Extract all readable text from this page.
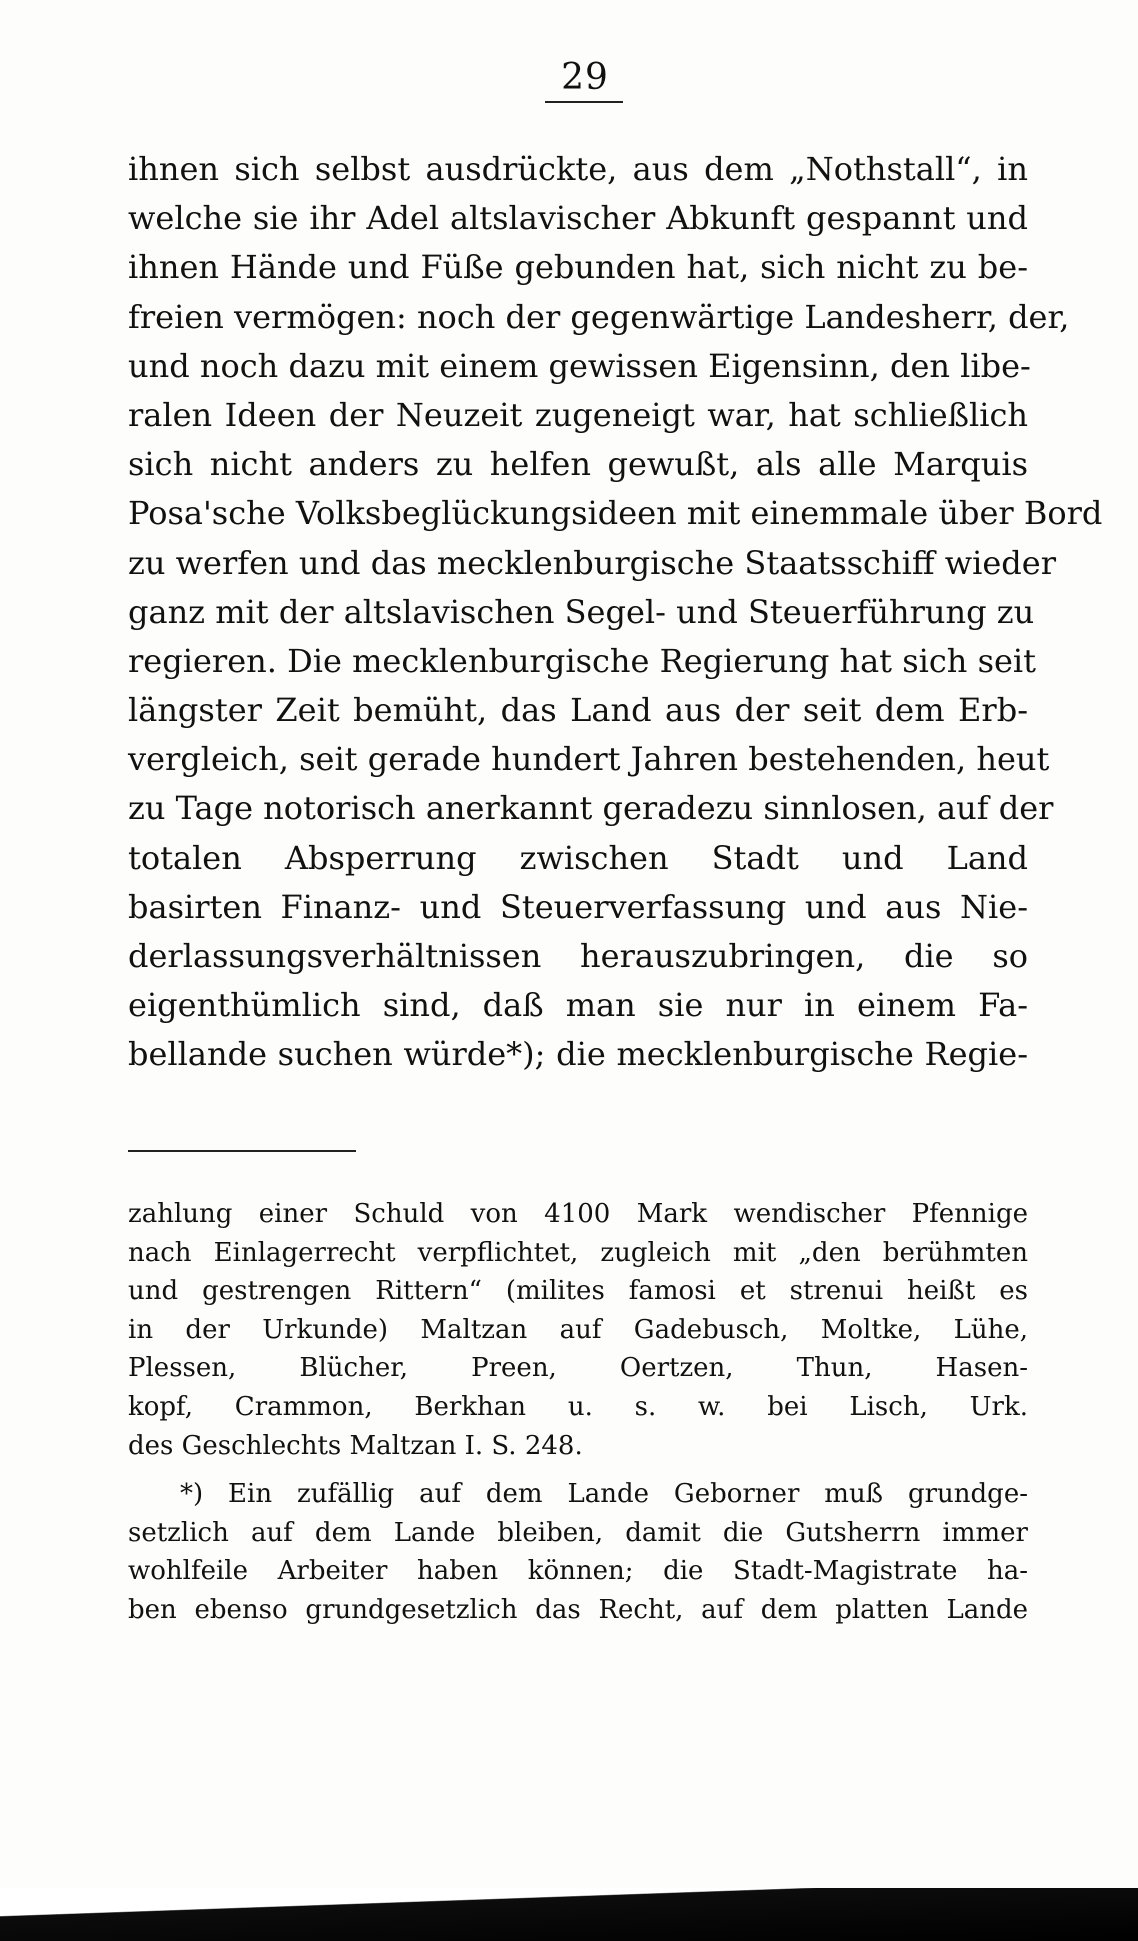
29
ihnen sich selbst ausdrückte, aus dem „Nothstall“, in
welche sie ihr Adel altslavischer Abkunft gespannt und
ihnen Hände und Füße gebunden hat, sich nicht zu be-
freien vermögen: noch der gegenwärtige Landesherr, der,
und noch dazu mit einem gewissen Eigensinn, den libe-
ralen Ideen der Neuzeit zugeneigt war, hat schließlich
sich nicht anders zu helfen gewußt, als alle Marquis
Posa'sche Volksbeglückungsideen mit einemmale über Bord
zu werfen und das mecklenburgische Staatsschiff wieder
ganz mit der altslavischen Segel- und Steuerführung zu
regieren. Die mecklenburgische Regierung hat sich seit
längster Zeit bemüht, das Land aus der seit dem Erb-
vergleich, seit gerade hundert Jahren bestehenden, heut
zu Tage notorisch anerkannt geradezu sinnlosen, auf der
totalen Absperrung zwischen Stadt und Land
basirten Finanz- und Steuerverfassung und aus Nie-
derlassungsverhältnissen herauszubringen, die so
eigenthümlich sind, daß man sie nur in einem Fa-
bellande suchen würde*); die mecklenburgische Regie-
zahlung einer Schuld von 4100 Mark wendischer Pfennige
nach Einlagerrecht verpflichtet, zugleich mit „den berühmten
und gestrengen Rittern“ (milites famosi et strenui heißt es
in der Urkunde) Maltzan auf Gadebusch, Moltke, Lühe,
Plessen, Blücher, Preen, Oertzen, Thun, Hasen-
kopf, Crammon, Berkhan u. s. w. bei Lisch, Urk.
des Geschlechts Maltzan I. S. 248.
*) Ein zufällig auf dem Lande Geborner muß grundge-
setzlich auf dem Lande bleiben, damit die Gutsherrn immer
wohlfeile Arbeiter haben können; die Stadt-Magistrate ha-
ben ebenso grundgesetzlich das Recht, auf dem platten Lande
